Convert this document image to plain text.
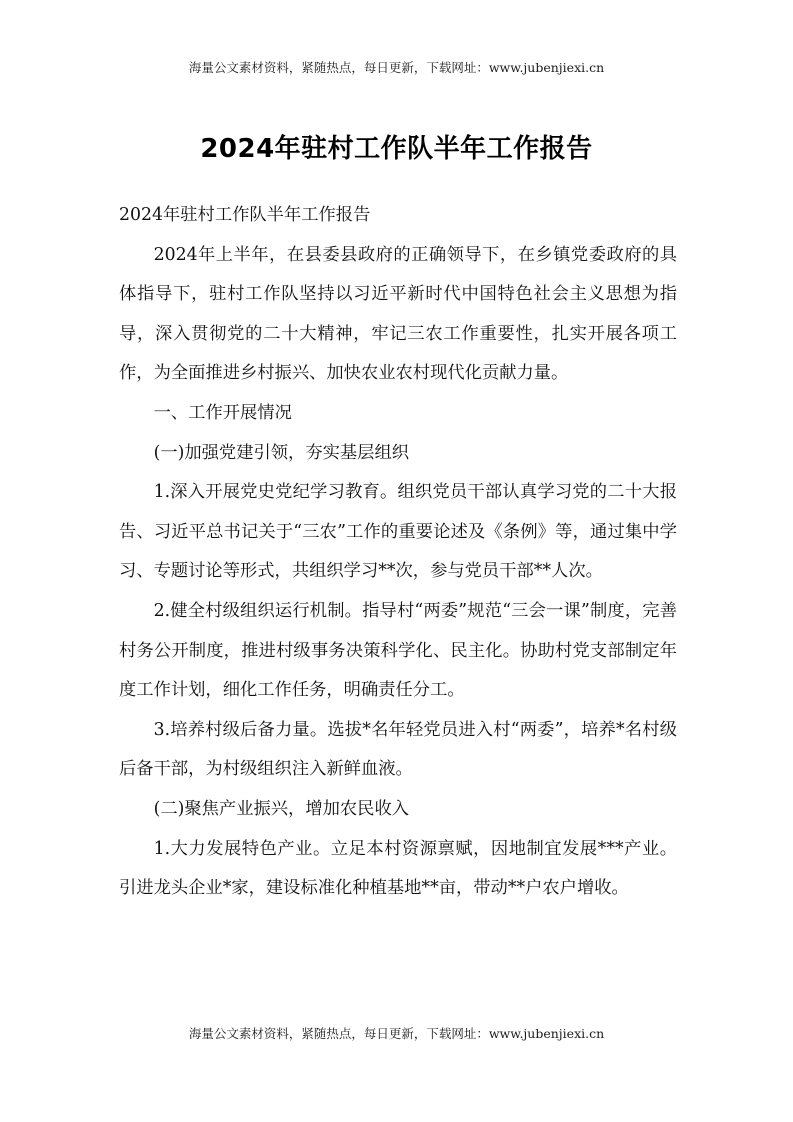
海量公文素材资料，紧随热点，每日更新，下载网址：www.jubenjiexi.cn
2024年驻村工作队半年工作报告

2024年驻村工作队半年工作报告

2024年上半年，在县委县政府的正确领导下，在乡镇党委政府的具体指导下，驻村工作队坚持以习近平新时代中国特色社会主义思想为指导，深入贯彻党的二十大精神，牢记三农工作重要性，扎实开展各项工作，为全面推进乡村振兴、加快农业农村现代化贡献力量。

一、工作开展情况

(一)加强党建引领，夯实基层组织

1.深入开展党史党纪学习教育。组织党员干部认真学习党的二十大报告、习近平总书记关于“三农”工作的重要论述及《条例》等，通过集中学习、专题讨论等形式，共组织学习**次，参与党员干部**人次。

2.健全村级组织运行机制。指导村“两委”规范“三会一课”制度，完善村务公开制度，推进村级事务决策科学化、民主化。协助村党支部制定年度工作计划，细化工作任务，明确责任分工。

3.培养村级后备力量。选拔*名年轻党员进入村“两委”，培养*名村级后备干部，为村级组织注入新鲜血液。

(二)聚焦产业振兴，增加农民收入

1.大力发展特色产业。立足本村资源禀赋，因地制宜发展***产业。引进龙头企业*家，建设标准化种植基地**亩，带动**户农户增收。

海量公文素材资料，紧随热点，每日更新，下载网址：www.jubenjiexi.cn
